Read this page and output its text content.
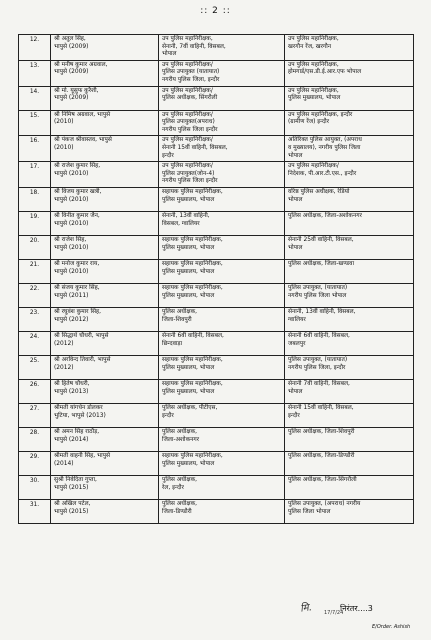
:: 2 ::
12.	श्री अतुल सिंह,
भापुसे (2009)	उप पुलिस महानिरीक्षक,
सेनानी, 7वीं वाहिनी, विसबल,
भोपाल	उप पुलिस महानिरीक्षक,
खरगौन रेंज, खरगौन
13.	श्री मनीष कुमार अग्रवाल,
भापुसे (2009)	उप पुलिस महानिरीक्षक/
पुलिस उपायुक्त (यातायात)
नगरीय पुलिस जिला, इन्दौर	उप पुलिस महानिरीक्षक,
होमगार्ड/एस.डी.ई.आर.एफ भोपाल
14.	श्री मो. यूसुफ कुरैशी,
भापुसे (2009)	उप पुलिस महानिरीक्षक/
पुलिस अधीक्षक, सिंगरौली	उप पुलिस महानिरीक्षक,
पुलिस मुख्यालय, भोपाल
15.	श्री निमिष अग्रवाल, भापुसे
(2010)	उप पुलिस महानिरीक्षक/
पुलिस उपायुक्त(अपराध)
नगरीय पुलिस जिला इन्दौर	उप पुलिस महानिरीक्षक, इन्दौर
(ग्रामीण रेंज) इन्दौर
16.	श्री पंकज श्रीवास्तव, भापुसे
(2010)	उप पुलिस महानिरीक्षक/
सेनानी 15वीं वाहिनी, विसबल,
इन्दौर	अतिरिक्त पुलिस आयुक्त, (अपराध
व मुख्यालय), नगरीय पुलिस जिला
भोपाल
17.	श्री राजेश कुमार सिंह,
भापुसे (2010)	उप पुलिस महानिरीक्षक/
पुलिस उपायुक्त(जोन-4)
नगरीय पुलिस जिला इन्दौर	उप पुलिस महानिरीक्षक/
निदेशक, पी.आर.टी.एस., इन्दौर
18.	श्री विजय कुमार खत्री,
भापुसे (2010)	सहायक पुलिस महानिरीक्षक,
पुलिस मुख्यालय, भोपाल	वरिष्ठ पुलिस अधीक्षक, रेडियो
भोपाल
19.	श्री विनीत कुमार जैन,
भापुसे (2010)	सेनानी, 13वीं वाहिनी,
विसबल, ग्वालियर	पुलिस अधीक्षक, जिला-अशोकनगर
20.	श्री राजेश सिंह,
भापुसे (2010)	सहायक पुलिस महानिरीक्षक,
पुलिस मुख्यालय, भोपाल	सेनानी 25वीं वाहिनी, विसबल,
भोपाल
21.	श्री मनोज कुमार राय,
भापुसे (2010)	सहायक पुलिस महानिरीक्षक,
पुलिस मुख्यालय, भोपाल	पुलिस अधीक्षक, जिला-खण्डवा
22.	श्री संजय कुमार सिंह,
भापुसे (2011)	सहायक पुलिस महानिरीक्षक,
पुलिस मुख्यालय, भोपाल	पुलिस उपायुक्त, (यातायात)
नगरीय पुलिस जिला भोपाल
23.	श्री रघुवंश कुमार सिंह,
भापुसे (2012)	पुलिस अधीक्षक,
जिला-शिवपुरी	सेनानी, 13वीं वाहिनी, विसबल,
ग्वालियर
24.	श्री सिद्धार्थ चौधरी, भापुसे
(2012)	सेनानी 6वीं वाहिनी, विसबल,
छिन्दवाड़ा	सेनानी 6वीं वाहिनी, विसबल,
जबलपुर
25.	श्री अरविन्द तिवारी, भापुसे
(2012)	सहायक पुलिस महानिरीक्षक,
पुलिस मुख्यालय, भोपाल	पुलिस उपायुक्त, (यातायात)
नगरीय पुलिस जिला, इन्दौर
26.	श्री हितेष चौधरी,
भापुसे (2013)	सहायक पुलिस महानिरीक्षक,
पुलिस मुख्यालय, भोपाल	सेनानी 7वीं वाहिनी, विसबल,
भोपाल
27.	श्रीमती यांगचेन डोलकर
भुटिया, भापुसे (2013)	पुलिस अधीक्षक, पीटीएस,
इन्दौर	सेनानी 15वीं वाहिनी, विसबल,
इन्दौर
28.	श्री अमन सिंह राठौड़,
भापुसे (2014)	पुलिस अधीक्षक,
जिला-अशोकनगर	पुलिस अधीक्षक, जिला-शिवपुरी
29.	श्रीमती वाहनी सिंह, भापुसे
(2014)	सहायक पुलिस महानिरीक्षक,
पुलिस मुख्यालय, भोपाल	पुलिस अधीक्षक, जिला-डिण्डौरी
30.	सुश्री निवेदिता गुप्ता,
भापुसे (2015)	पुलिस अधीक्षक,
रेल, इन्दौर	पुलिस अधीक्षक, जिला-सिंगरौली
31.	श्री अखिल पटेल,
भापुसे (2015)	पुलिस अधीक्षक,
जिला-डिण्डौरी	पुलिस उपायुक्त, (अपराध) नगरीय
पुलिस जिला भोपाल
मि. 17/7/24
निरंतर....3
E/Order. Ashish
